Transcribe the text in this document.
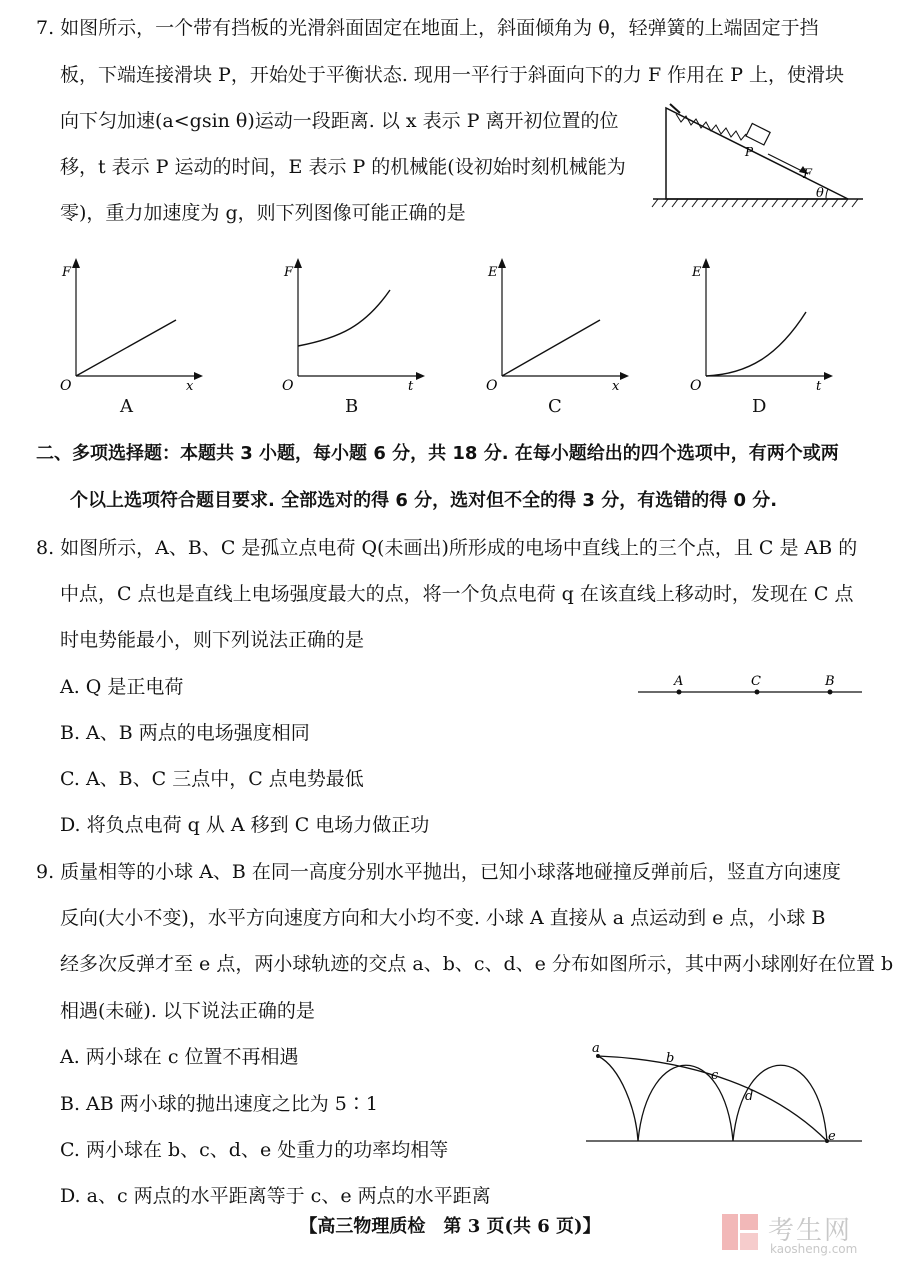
7. 如图所示，一个带有挡板的光滑斜面固定在地面上，斜面倾角为 θ，轻弹簧的上端固定于挡
板，下端连接滑块 P，开始处于平衡状态. 现用一平行于斜面向下的力 F 作用在 P 上，使滑块
向下匀加速(a<gsin θ)运动一段距离. 以 x 表示 P 离开初位置的位
移，t 表示 P 运动的时间，E 表示 P 的机械能(设初始时刻机械能为
零)，重力加速度为 g，则下列图像可能正确的是
P
F
θ
F
O	x
A
F
O	t
B
E
O	x
C
E
O	t
D
二、多项选择题：本题共 3 小题，每小题 6 分，共 18 分. 在每小题给出的四个选项中，有两个或两
个以上选项符合题目要求. 全部选对的得 6 分，选对但不全的得 3 分，有选错的得 0 分.
8. 如图所示，A、B、C 是孤立点电荷 Q(未画出)所形成的电场中直线上的三个点，且 C 是 AB 的
中点，C 点也是直线上电场强度最大的点，将一个负点电荷 q 在该直线上移动时，发现在 C 点
时电势能最小，则下列说法正确的是
A. Q 是正电荷
B. A、B 两点的电场强度相同
C. A、B、C 三点中，C 点电势最低
D. 将负点电荷 q 从 A 移到 C 电场力做正功
A	C	B
9. 质量相等的小球 A、B 在同一高度分别水平抛出，已知小球落地碰撞反弹前后，竖直方向速度
反向(大小不变)，水平方向速度方向和大小均不变. 小球 A 直接从 a 点运动到 e 点，小球 B
经多次反弹才至 e 点，两小球轨迹的交点 a、b、c、d、e 分布如图所示，其中两小球刚好在位置 b
相遇(未碰). 以下说法正确的是
A. 两小球在 c 位置不再相遇
B. AB 两小球的抛出速度之比为 5∶1
C. 两小球在 b、c、d、e 处重力的功率均相等
D. a、c 两点的水平距离等于 c、e 两点的水平距离
a
b
c
d
e
【高三物理质检　第 3 页(共 6 页)】	考生网
kaosheng.com
